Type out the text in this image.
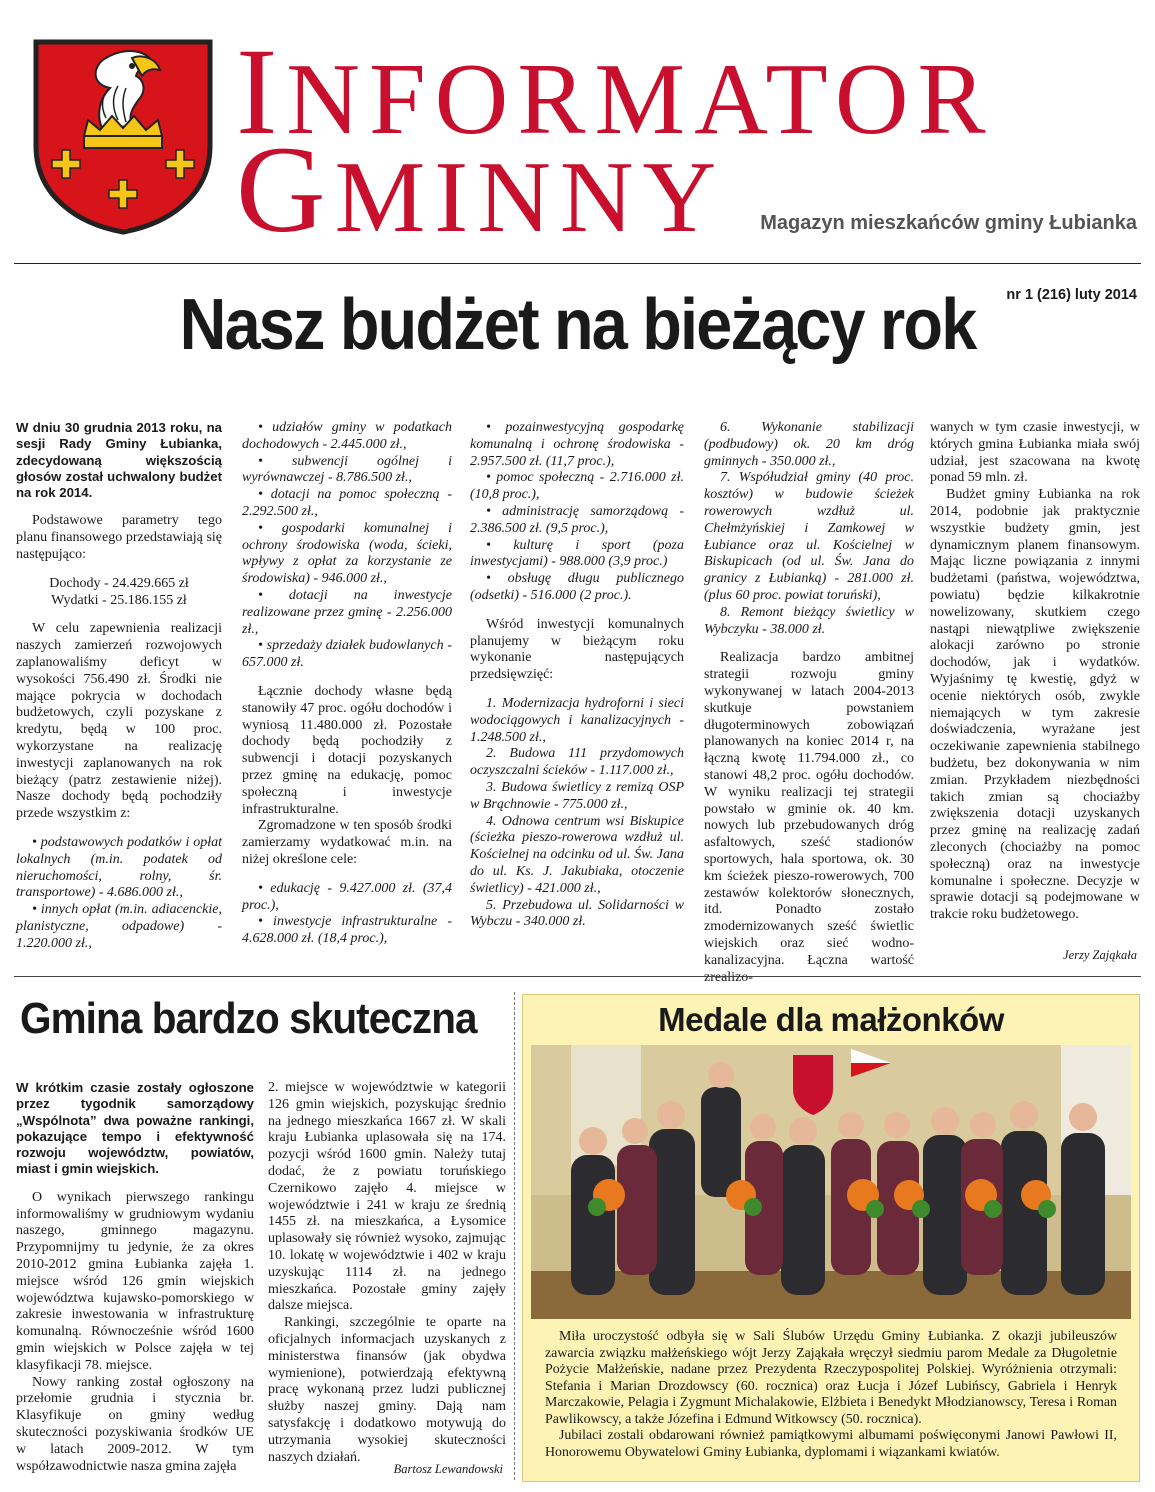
INFORMATOR
GMINNY Magazyn mieszkańców gminy Łubianka
nr 1 (216) luty 2014
Nasz budżet na bieżący rok

W dniu 30 grudnia 2013 roku, na sesji Rady Gminy Łubianka, zdecydowaną większością głosów został uchwalony budżet na rok 2014.

Podstawowe parametry tego planu finansowego przedstawiają się następująco:

Dochody - 24.429.665 zł

Wydatki - 25.186.155 zł

W celu zapewnienia realizacji naszych zamierzeń rozwojowych zaplanowaliśmy deficyt w wysokości 756.490 zł. Środki nie mające pokrycia w dochodach budżetowych, czyli pozyskane z kredytu, będą w 100 proc. wykorzystane na realizację inwestycji zaplanowanych na rok bieżący (patrz zestawienie niżej). Nasze dochody będą pochodziły przede wszystkim z:

• podstawowych podatków i opłat lokalnych (m.in. podatek od nieruchomości, rolny, śr. transportowe) - 4.686.000 zł.,

• innych opłat (m.in. adiacenckie, planistyczne, odpadowe) - 1.220.000 zł.,

• udziałów gminy w podatkach dochodowych - 2.445.000 zł.,

• subwencji ogólnej i wyrównawczej - 8.786.500 zł.,

• dotacji na pomoc społeczną - 2.292.500 zł.,

• gospodarki komunalnej i ochrony środowiska (woda, ścieki, wpływy z opłat za korzystanie ze środowiska) - 946.000 zł.,

• dotacji na inwestycje realizowane przez gminę - 2.256.000 zł.,

• sprzedaży działek budowlanych - 657.000 zł.

Łącznie dochody własne będą stanowiły 47 proc. ogółu dochodów i wyniosą 11.480.000 zł. Pozostałe dochody będą pochodziły z subwencji i dotacji pozyskanych przez gminę na edukację, pomoc społeczną i inwestycje infrastrukturalne.

Zgromadzone w ten sposób środki zamierzamy wydatkować m.in. na niżej określone cele:

• edukację - 9.427.000 zł. (37,4 proc.),

• inwestycje infrastrukturalne - 4.628.000 zł. (18,4 proc.),

• pozainwestycyjną gospodarkę komunalną i ochronę środowiska - 2.957.500 zł. (11,7 proc.),

• pomoc społeczną - 2.716.000 zł. (10,8 proc.),

• administrację samorządową - 2.386.500 zł. (9,5 proc.),

• kulturę i sport (poza inwestycjami) - 988.000 (3,9 proc.)

• obsługę długu publicznego (odsetki) - 516.000 (2 proc.).

Wśród inwestycji komunalnych planujemy w bieżącym roku wykonanie następujących przedsięwzięć:

1. Modernizacja hydroforni i sieci wodociągowych i kanalizacyjnych - 1.248.500 zł.,

2. Budowa 111 przydomowych oczyszczalni ścieków - 1.117.000 zł.,

3. Budowa świetlicy z remizą OSP w Brąchnowie - 775.000 zł.,

4. Odnowa centrum wsi Biskupice (ścieżka pieszo-rowerowa wzdłuż ul. Kościelnej na odcinku od ul. Św. Jana do ul. Ks. J. Jakubiaka, otoczenie świetlicy) - 421.000 zł.,

5. Przebudowa ul. Solidarności w Wybczu - 340.000 zł.

6. Wykonanie stabilizacji (podbudowy) ok. 20 km dróg gminnych - 350.000 zł.,

7. Współudział gminy (40 proc. kosztów) w budowie ścieżek rowerowych wzdłuż ul. Chełmżyńskiej i Zamkowej w Łubiance oraz ul. Kościelnej w Biskupicach (od ul. Św. Jana do granicy z Łubianką) - 281.000 zł. (plus 60 proc. powiat toruński),

8. Remont bieżący świetlicy w Wybczyku - 38.000 zł.

Realizacja bardzo ambitnej strategii rozwoju gminy wykonywanej w latach 2004-2013 skutkuje powstaniem długoterminowych zobowiązań planowanych na koniec 2014 r, na łączną kwotę 11.794.000 zł., co stanowi 48,2 proc. ogółu dochodów. W wyniku realizacji tej strategii powstało w gminie ok. 40 km. nowych lub przebudowanych dróg asfaltowych, sześć stadionów sportowych, hala sportowa, ok. 30 km ścieżek pieszo-rowerowych, 700 zestawów kolektorów słonecznych, itd. Ponadto zostało zmodernizowanych sześć świetlic wiejskich oraz sieć wodno-kanalizacyjna. Łączna wartość zrealizo-

wanych w tym czasie inwestycji, w których gmina Łubianka miała swój udział, jest szacowana na kwotę ponad 59 mln. zł.

Budżet gminy Łubianka na rok 2014, podobnie jak praktycznie wszystkie budżety gmin, jest dynamicznym planem finansowym. Mając liczne powiązania z innymi budżetami (państwa, województwa, powiatu) będzie kilkakrotnie nowelizowany, skutkiem czego nastąpi niewątpliwe zwiększenie alokacji zarówno po stronie dochodów, jak i wydatków. Wyjaśnimy tę kwestię, gdyż w ocenie niektórych osób, zwykle niemających w tym zakresie doświadczenia, wyrażane jest oczekiwanie zapewnienia stabilnego budżetu, bez dokonywania w nim zmian. Przykładem niezbędności takich zmian są chociażby zwiększenia dotacji uzyskanych przez gminę na realizację zadań zleconych (chociażby na pomoc społeczną) oraz na inwestycje komunalne i społeczne. Decyzje w sprawie dotacji są podejmowane w trakcie roku budżetowego.

Jerzy Zająkała
Gmina bardzo skuteczna

W krótkim czasie zostały ogłoszone przez tygodnik samorządowy „Wspólnota” dwa poważne rankingi, pokazujące tempo i efektywność rozwoju województw, powiatów, miast i gmin wiejskich.

O wynikach pierwszego rankingu informowaliśmy w grudniowym wydaniu naszego, gminnego magazynu. Przypomnijmy tu jedynie, że za okres 2010-2012 gmina Łubianka zajęła 1. miejsce wśród 126 gmin wiejskich województwa kujawsko-pomorskiego w zakresie inwestowania w infrastrukturę komunalną. Równocześnie wśród 1600 gmin wiejskich w Polsce zajęła w tej klasyfikacji 78. miejsce.

Nowy ranking został ogłoszony na przełomie grudnia i stycznia br. Klasyfikuje on gminy według skuteczności pozyskiwania środków UE w latach 2009-2012. W tym współzawodnictwie nasza gmina zajęła

2. miejsce w województwie w kategorii 126 gmin wiejskich, pozyskując średnio na jednego mieszkańca 1667 zł. W skali kraju Łubianka uplasowała się na 174. pozycji wśród 1600 gmin. Należy tutaj dodać, że z powiatu toruńskiego Czernikowo zajęło 4. miejsce w województwie i 241 w kraju ze średnią 1455 zł. na mieszkańca, a Łysomice uplasowały się również wysoko, zajmując 10. lokatę w województwie i 402 w kraju uzyskując 1114 zł. na jednego mieszkańca. Pozostałe gminy zajęły dalsze miejsca.

Rankingi, szczególnie te oparte na oficjalnych informacjach uzyskanych z ministerstwa finansów (jak obydwa wymienione), potwierdzają efektywną pracę wykonaną przez ludzi publicznej służby naszej gminy. Dają nam satysfakcję i dodatkowo motywują do utrzymania wysokiej skuteczności naszych działań.

Bartosz Lewandowski
Medale dla małżonków

Miła uroczystość odbyła się w Sali Ślubów Urzędu Gminy Łubianka. Z okazji jubileuszów zawarcia związku małżeńskiego wójt Jerzy Zająkała wręczył siedmiu parom Medale za Długoletnie Pożycie Małżeńskie, nadane przez Prezydenta Rzeczypospolitej Polskiej. Wyróżnienia otrzymali: Stefania i Marian Drozdowscy (60. rocznica) oraz Łucja i Józef Lubińscy, Gabriela i Henryk Marczakowie, Pelagia i Zygmunt Michalakowie, Elżbieta i Benedykt Młodzianowscy, Teresa i Roman Pawlikowscy, a także Józefina i Edmund Witkowscy (50. rocznica).

Jubilaci zostali obdarowani również pamiątkowymi albumami poświęconymi Janowi Pawłowi II, Honorowemu Obywatelowi Gminy Łubianka, dyplomami i wiązankami kwiatów.
